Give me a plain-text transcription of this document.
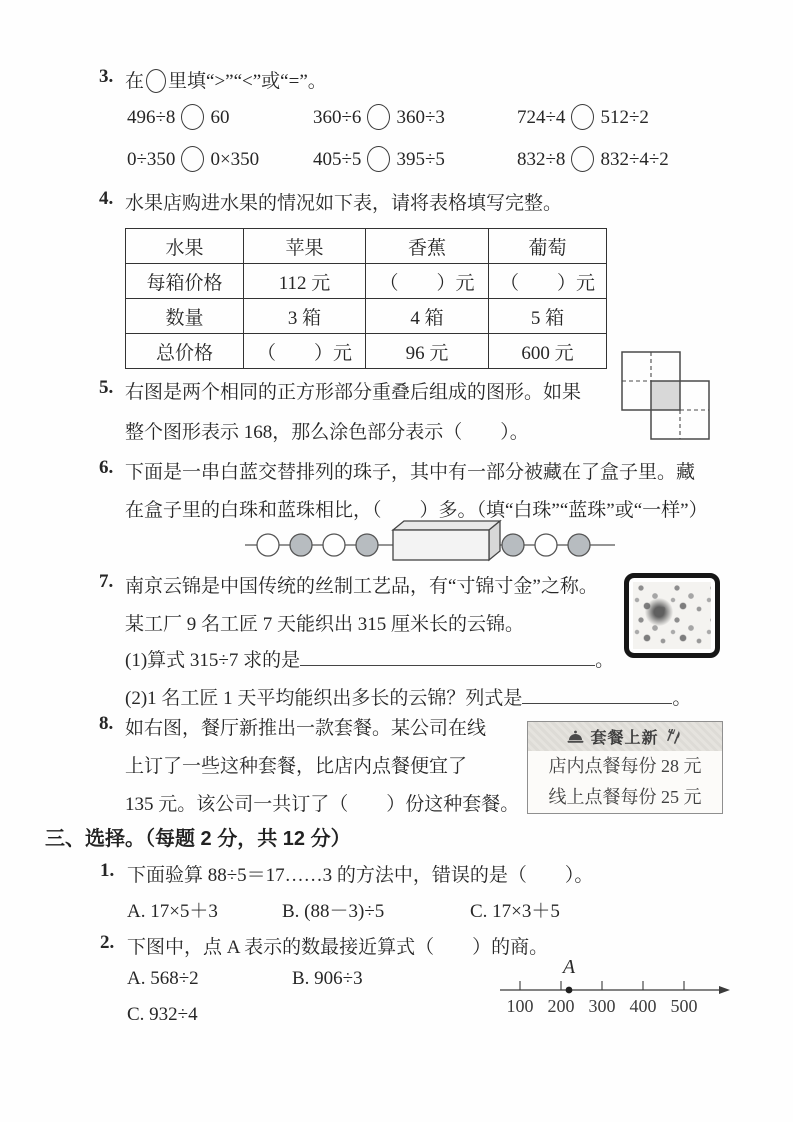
3. 在 里填“>”“<”或“=”。
496÷8 60	360÷6 360÷3	724÷4 512÷2
0÷350 0×350	405÷5 395÷5	832÷8 832÷4÷2
4. 水果店购进水果的情况如下表，请将表格填写完整。
水果	苹果	香蕉	葡萄
每箱价格	112 元	（　　）元	（　　）元
数量	3 箱	4 箱	5 箱
总价格	（　　）元	96 元	600 元
5. 右图是两个相同的正方形部分重叠后组成的图形。如果
整个图形表示 168，那么涂色部分表示（　　）。
6. 下面是一串白蓝交替排列的珠子，其中有一部分被藏在了盒子里。藏
在盒子里的白珠和蓝珠相比，（　　）多。（填“白珠”“蓝珠”或“一样”）
7. 南京云锦是中国传统的丝制工艺品，有“寸锦寸金”之称。
某工厂 9 名工匠 7 天能织出 315 厘米长的云锦。
(1)算式 315÷7 求的是	。
(2)1 名工匠 1 天平均能织出多长的云锦？列式是	。
8. 如右图，餐厅新推出一款套餐。某公司在线
上订了一些这种套餐，比店内点餐便宜了
135 元。该公司一共订了（　　）份这种套餐。
套餐上新
店内点餐每份 28 元
线上点餐每份 25 元
三、选择。（每题 2 分，共 12 分）
1. 下面验算 88÷5＝17……3 的方法中，错误的是（　　）。
A. 17×5＋3	B. (88－3)÷5	C. 17×3＋5
2. 下图中，点 A 表示的数最接近算式（　　）的商。
A. 568÷2	B. 906÷3
C. 932÷4
A
100 200 300 400 500
